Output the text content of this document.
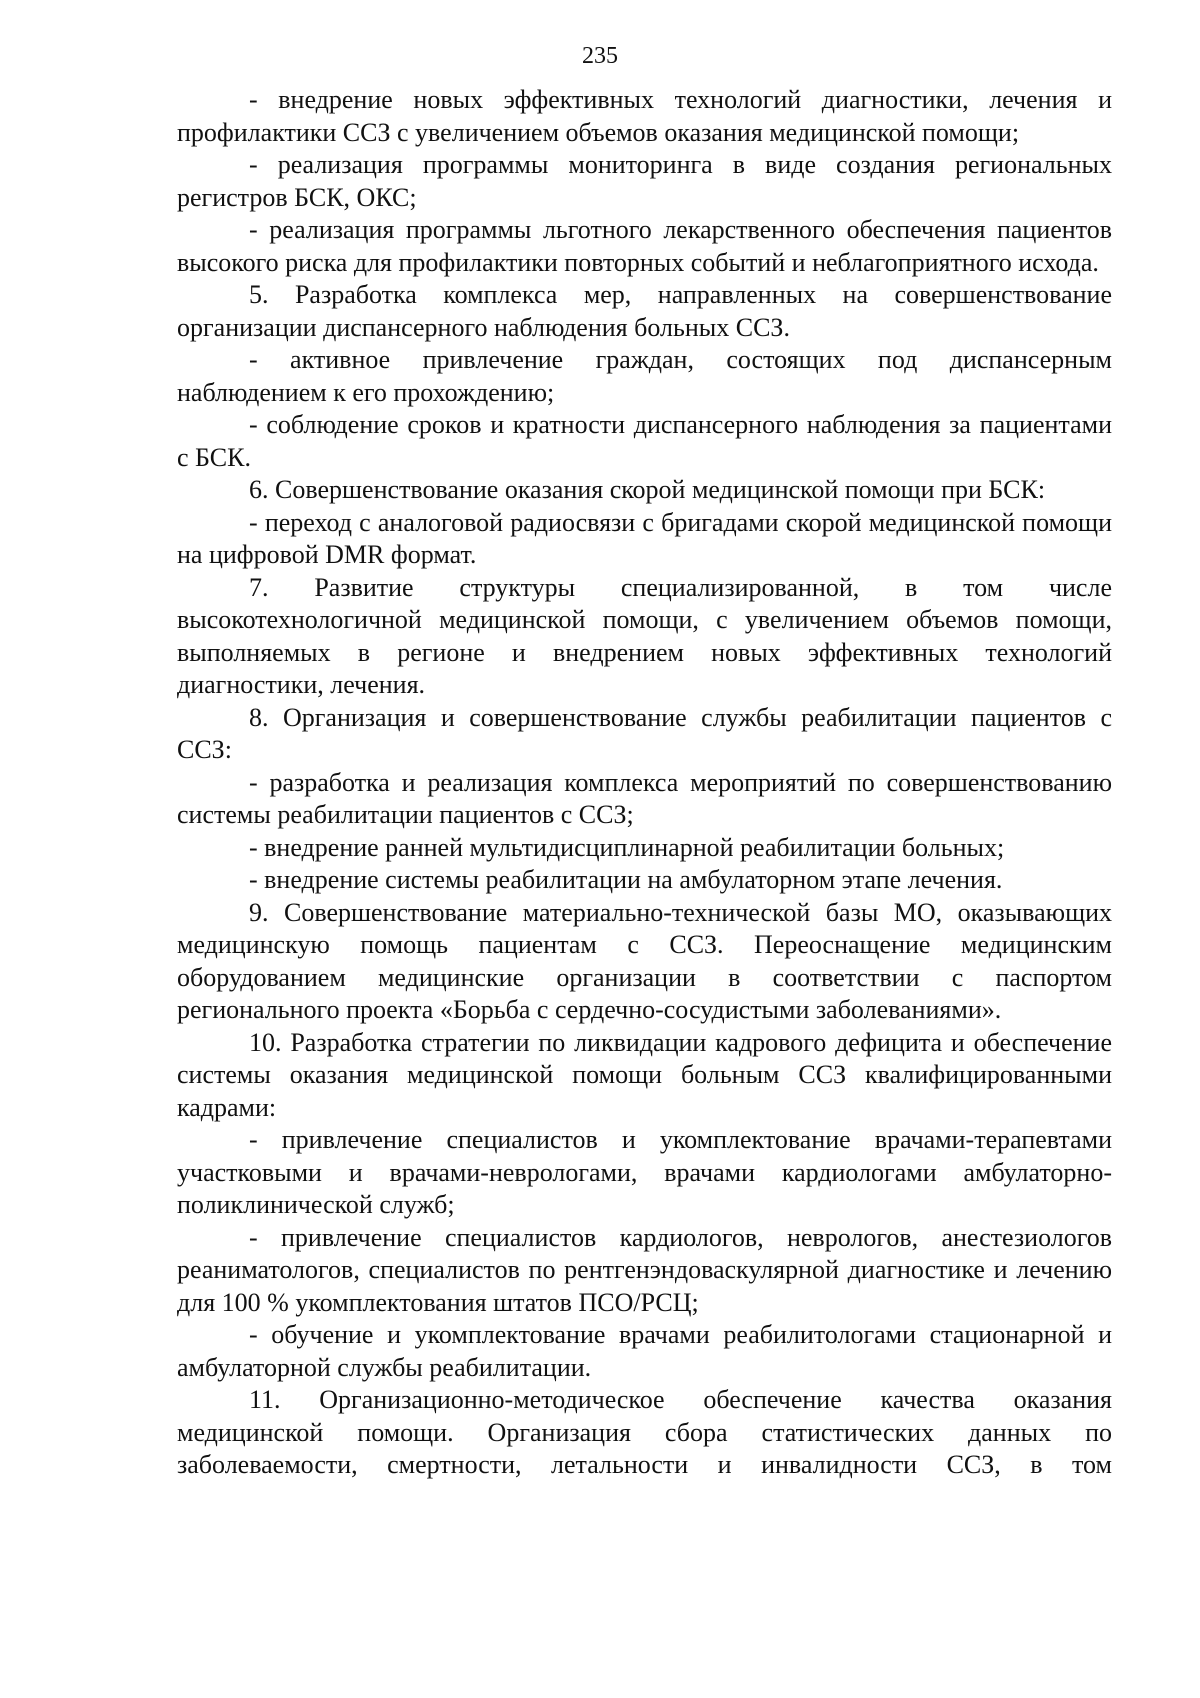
235

- внедрение новых эффективных технологий диагностики, лечения и профилактики ССЗ с увеличением объемов оказания медицинской помощи;

- реализация программы мониторинга в виде создания региональных регистров БСК, ОКС;

- реализация программы льготного лекарственного обеспечения пациентов высокого риска для профилактики повторных событий и неблагоприятного исхода.

5. Разработка комплекса мер, направленных на совершенствование организации диспансерного наблюдения больных ССЗ.

- активное привлечение граждан, состоящих под диспансерным наблюдением к его прохождению;

- соблюдение сроков и кратности диспансерного наблюдения за пациентами с БСК.

6. Совершенствование оказания скорой медицинской помощи при БСК:

- переход с аналоговой радиосвязи с бригадами скорой медицинской помощи на цифровой DMR формат.

7. Развитие структуры специализированной, в том числе высокотехнологичной медицинской помощи, с увеличением объемов помощи, выполняемых в регионе и внедрением новых эффективных технологий диагностики, лечения.

8. Организация и совершенствование службы реабилитации пациентов с ССЗ:

- разработка и реализация комплекса мероприятий по совершенствованию системы реабилитации пациентов с ССЗ;

- внедрение ранней мультидисциплинарной реабилитации больных;

- внедрение системы реабилитации на амбулаторном этапе лечения.

9. Совершенствование материально-технической базы МО, оказывающих медицинскую помощь пациентам с ССЗ. Переоснащение медицинским оборудованием медицинские организации в соответствии с паспортом регионального проекта «Борьба с сердечно-сосудистыми заболеваниями».

10. Разработка стратегии по ликвидации кадрового дефицита и обеспечение системы оказания медицинской помощи больным ССЗ квалифицированными кадрами:

- привлечение специалистов и укомплектование врачами-терапевтами участковыми и врачами-неврологами, врачами кардиологами амбулаторно-поликлинической служб;

- привлечение специалистов кардиологов, неврологов, анестезиологов реаниматологов, специалистов по рентгенэндоваскулярной диагностике и лечению для 100 % укомплектования штатов ПСО/РСЦ;

- обучение и укомплектование врачами реабилитологами стационарной и амбулаторной службы реабилитации.

11. Организационно-методическое обеспечение качества оказания медицинской помощи. Организация сбора статистических данных по заболеваемости, смертности, летальности и инвалидности ССЗ, в том
